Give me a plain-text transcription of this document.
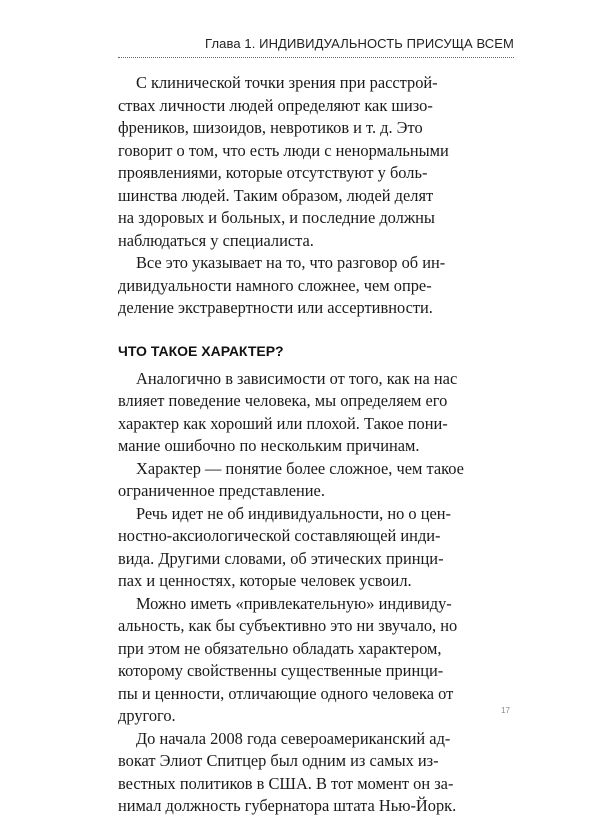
Глава 1. ИНДИВИДУАЛЬНОСТЬ ПРИСУЩА ВСЕМ

С клинической точки зрения при расстрой-
ствах личности людей определяют как шизо-
фреников, шизоидов, невротиков и т. д. Это
говорит о том, что есть люди с ненормальными
проявлениями, которые отсутствуют у боль-
шинства людей. Таким образом, людей делят
на здоровых и больных, и последние должны
наблюдаться у специалиста.

Все это указывает на то, что разговор об ин-
дивидуальности намного сложнее, чем опре-
деление экстравертности или ассертивности.

ЧТО ТАКОЕ ХАРАКТЕР?

Аналогично в зависимости от того, как на нас
влияет поведение человека, мы определяем его
характер как хороший или плохой. Такое пони-
мание ошибочно по нескольким причинам.

Характер — понятие более сложное, чем такое
ограниченное представление.

Речь идет не об индивидуальности, но о цен-
ностно-аксиологической составляющей инди-
вида. Другими словами, об этических принци-
пах и ценностях, которые человек усвоил.

Можно иметь «привлекательную» индивиду-
альность, как бы субъективно это ни звучало, но
при этом не обязательно обладать характером,
которому свойственны существенные принци-
пы и ценности, отличающие одного человека от
другого.

До начала 2008 года североамериканский ад-
вокат Элиот Спитцер был одним из самых из-
вестных политиков в США. В тот момент он за-
нимал должность губернатора штата Нью-Йорк.

17
